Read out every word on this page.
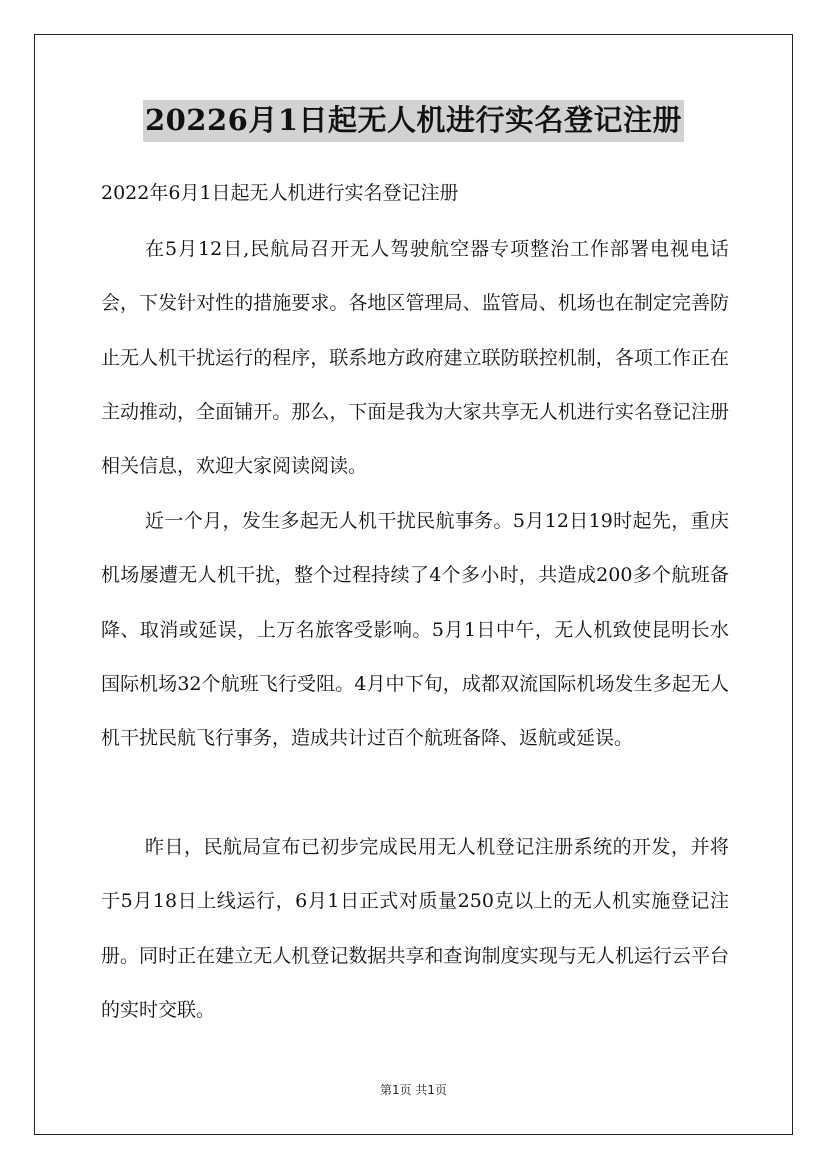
20226月1日起无人机进行实名登记注册
2022年6月1日起无人机进行实名登记注册

在5月12日,民航局召开无人驾驶航空器专项整治工作部署电视电话会，下发针对性的措施要求。各地区管理局、监管局、机场也在制定完善防止无人机干扰运行的程序，联系地方政府建立联防联控机制，各项工作正在主动推动，全面铺开。那么，下面是我为大家共享无人机进行实名登记注册相关信息，欢迎大家阅读阅读。

近一个月，发生多起无人机干扰民航事务。5月12日19时起先，重庆机场屡遭无人机干扰，整个过程持续了4个多小时，共造成200多个航班备降、取消或延误，上万名旅客受影响。5月1日中午，无人机致使昆明长水国际机场32个航班飞行受阻。4月中下旬，成都双流国际机场发生多起无人机干扰民航飞行事务，造成共计过百个航班备降、返航或延误。

昨日，民航局宣布已初步完成民用无人机登记注册系统的开发，并将于5月18日上线运行，6月1日正式对质量250克以上的无人机实施登记注册。同时正在建立无人机登记数据共享和查询制度实现与无人机运行云平台的实时交联。

第1页 共1页
